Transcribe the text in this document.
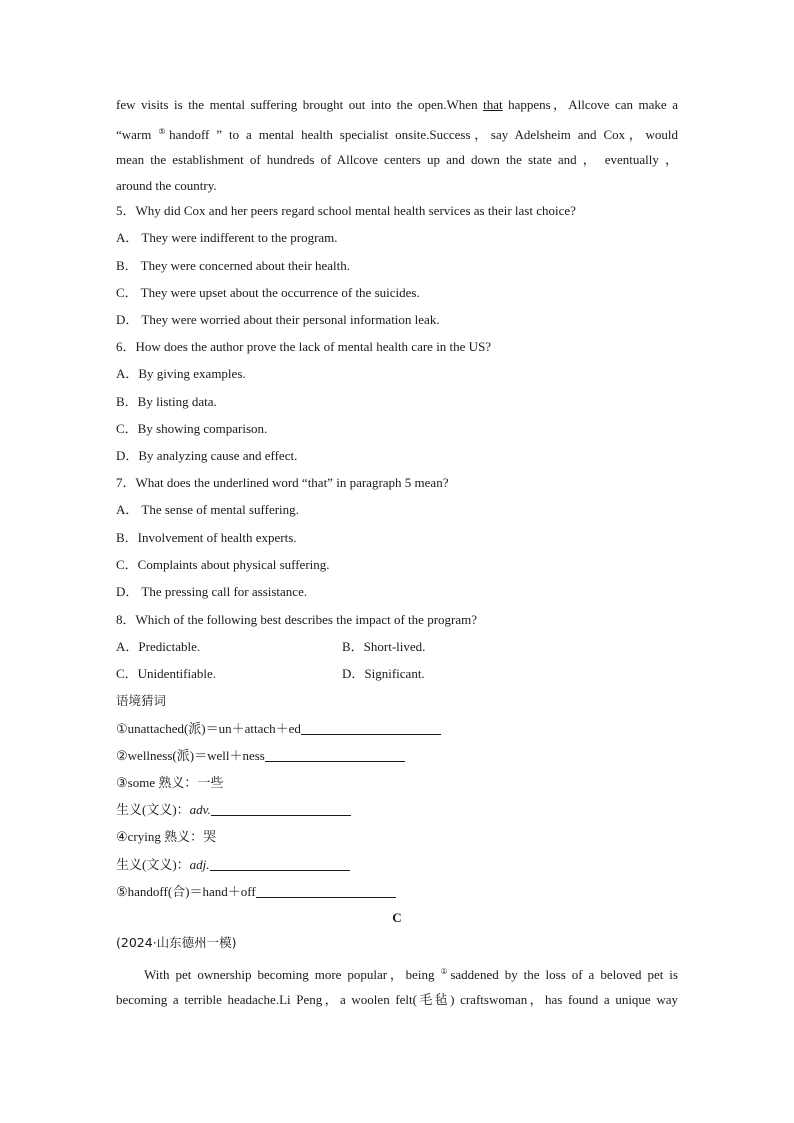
few visits is the mental suffering brought out into the open.When that happens，Allcove can make a
“warm ⑤handoff ” to a mental health specialist onsite.Success，say Adelsheim and Cox，would
mean the establishment of hundreds of Allcove centers up and down the state and ， eventually ，
around the country.
5．Why did Cox and her peers regard school mental health services as their last choice?
A． They were indifferent to the program.
B． They were concerned about their health.
C． They were upset about the occurrence of the suicides.
D． They were worried about their personal information leak.
6．How does the author prove the lack of mental health care in the US?
A．By giving examples.
B．By listing data.
C．By showing comparison.
D．By analyzing cause and effect.
7．What does the underlined word “that” in paragraph 5 mean?
A． The sense of mental suffering.
B．Involvement of health experts.
C．Complaints about physical suffering.
D． The pressing call for assistance.
8．Which of the following best describes the impact of the program?
A．Predictable.	B．Short-lived.
C．Unidentifiable.	D．Significant.
语境猜词
①unattached(派)＝un＋attach＋ed
②wellness(派)＝well＋ness
③some 熟义：一些
生义(文义)：adv.
④crying 熟义：哭
生义(文义)：adj.
⑤handoff(合)＝hand＋off
C
(2024·山东德州一模)
With pet ownership becoming more popular，being ①saddened by the loss of a beloved pet is
becoming a terrible headache.Li Peng，a woolen felt(毛毡) craftswoman，has found a unique way
